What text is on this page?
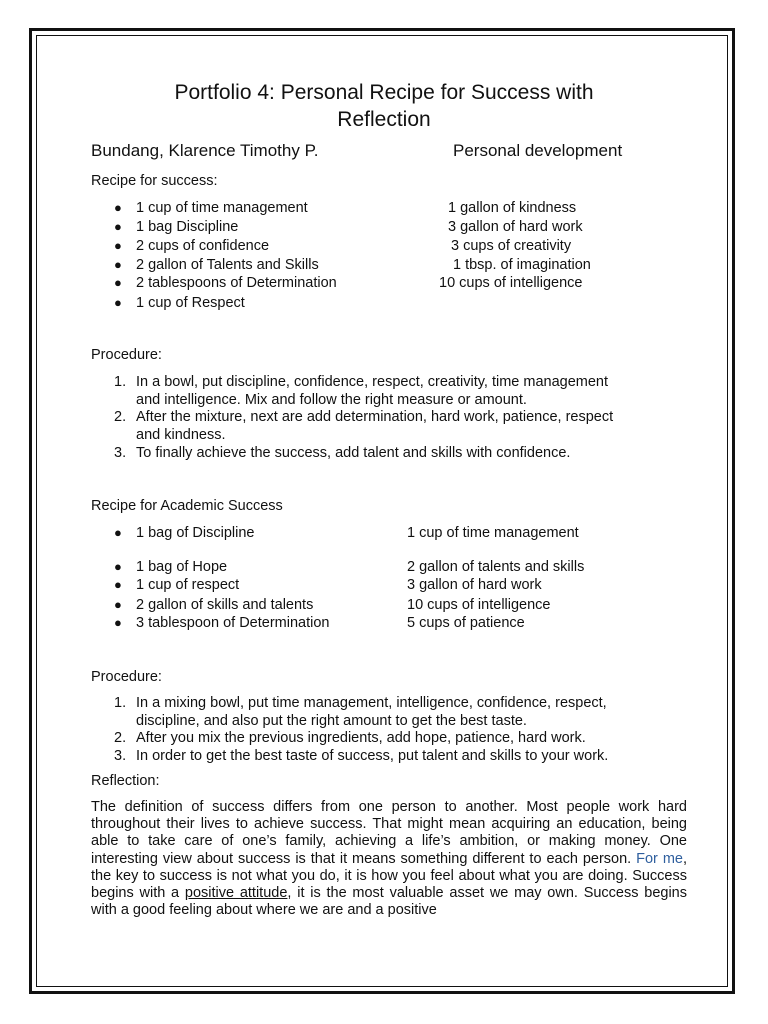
Portfolio 4: Personal Recipe for Success with
Reflection
Bundang, Klarence Timothy P.	Personal development
Recipe for success:
● 1 cup of time management
● 1 bag Discipline
● 2 cups of confidence
● 2 gallon of Talents and Skills
● 2 tablespoons of Determination
● 1 cup of Respect
1 gallon of kindness
3 gallon of hard work
3 cups of creativity
1 tbsp. of imagination
10 cups of intelligence
Procedure:
1. In a bowl, put discipline, confidence, respect, creativity, time management
and intelligence. Mix and follow the right measure or amount.
2. After the mixture, next are add determination, hard work, patience, respect
and kindness.
3. To finally achieve the success, add talent and skills with confidence.
Recipe for Academic Success
● 1 bag of Discipline
● 1 bag of Hope
● 1 cup of respect
● 2 gallon of skills and talents
● 3 tablespoon of Determination
1 cup of time management
2 gallon of talents and skills
3 gallon of hard work
10 cups of intelligence
5 cups of patience
Procedure:
1. In a mixing bowl, put time management, intelligence, confidence, respect,
discipline, and also put the right amount to get the best taste.
2. After you mix the previous ingredients, add hope, patience, hard work.
3. In order to get the best taste of success, put talent and skills to your work.
Reflection:
The definition of success differs from one person to another. Most people work hard throughout their lives to achieve success. That might mean acquiring an education, being able to take care of one’s family, achieving a life’s ambition, or making money. One interesting view about success is that it means something different to each person. For me, the key to success is not what you do, it is how you feel about what you are doing. Success begins with a positive attitude, it is the most valuable asset we may own. Success begins with a good feeling about where we are and a positive
